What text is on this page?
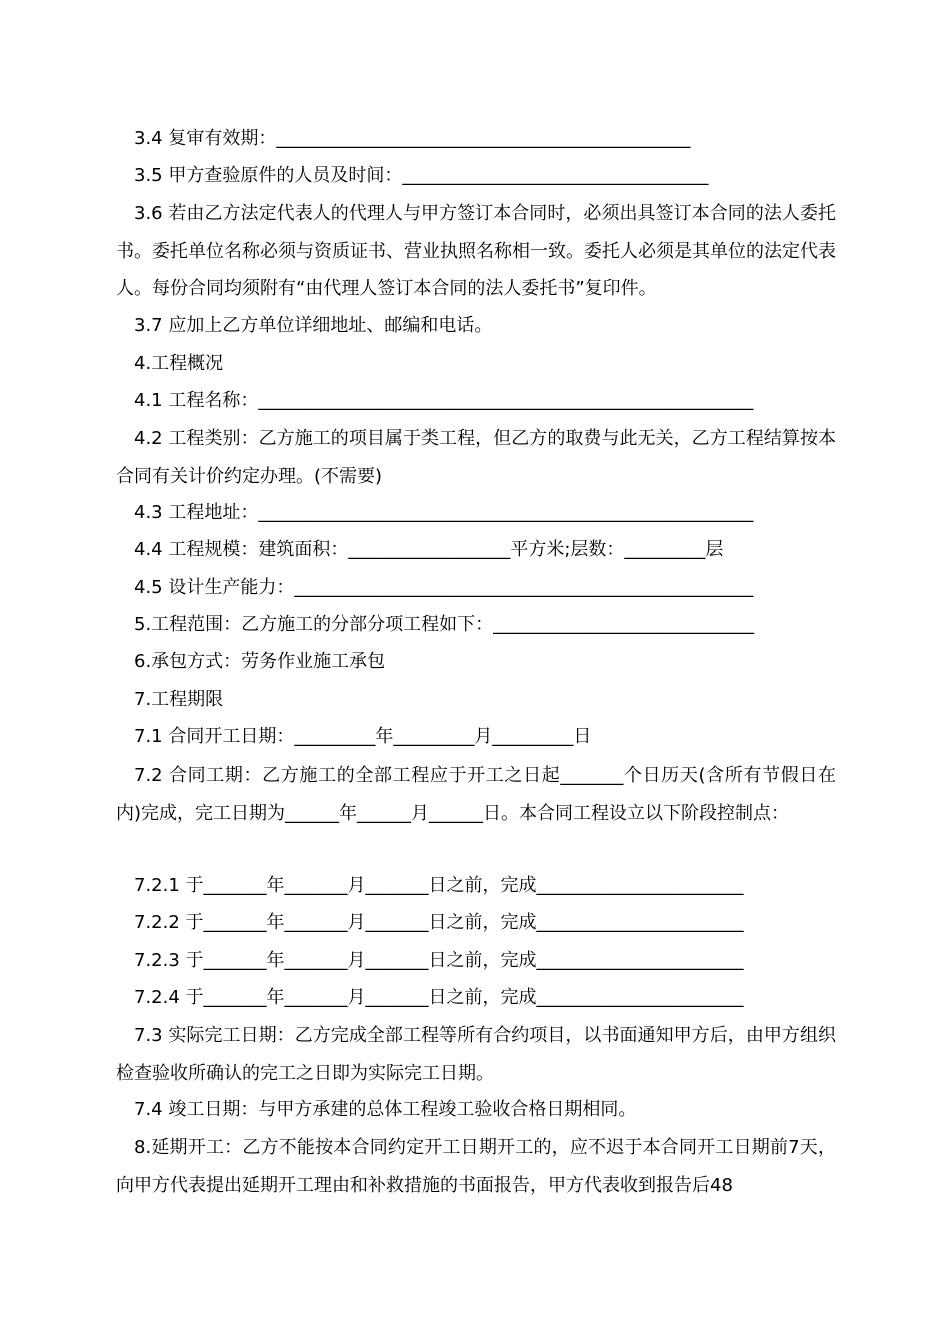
3.4 复审有效期：______________________________________________
3.5 甲方查验原件的人员及时间：__________________________________
3.6 若由乙方法定代表人的代理人与甲方签订本合同时，必须出具签订本合同的法人委托书。委托单位名称必须与资质证书、营业执照名称相一致。委托人必须是其单位的法定代表人。每份合同均须附有“由代理人签订本合同的法人委托书”复印件。
3.7 应加上乙方单位详细地址、邮编和电话。
4.工程概况
4.1 工程名称：_______________________________________________________
4.2 工程类别：乙方施工的项目属于类工程，但乙方的取费与此无关，乙方工程结算按本合同有关计价约定办理。(不需要)
4.3 工程地址：_______________________________________________________
4.4 工程规模：建筑面积：__________________平方米;层数：_________层
4.5 设计生产能力：___________________________________________________
5.工程范围：乙方施工的分部分项工程如下：_____________________________
6.承包方式：劳务作业施工承包
7.工程期限
7.1 合同开工日期：_________年_________月_________日
7.2 合同工期：乙方施工的全部工程应于开工之日起_______个日历天(含所有节假日在内)完成，完工日期为______年______月______日。本合同工程设立以下阶段控制点：
7.2.1 于_______年_______月_______日之前，完成_______________________
7.2.2 于_______年_______月_______日之前，完成_______________________
7.2.3 于_______年_______月_______日之前，完成_______________________
7.2.4 于_______年_______月_______日之前，完成_______________________
7.3 实际完工日期：乙方完成全部工程等所有合约项目，以书面通知甲方后，由甲方组织检查验收所确认的完工之日即为实际完工日期。
7.4 竣工日期：与甲方承建的总体工程竣工验收合格日期相同。
8.延期开工：乙方不能按本合同约定开工日期开工的，应不迟于本合同开工日期前7天，向甲方代表提出延期开工理由和补救措施的书面报告，甲方代表收到报告后48
